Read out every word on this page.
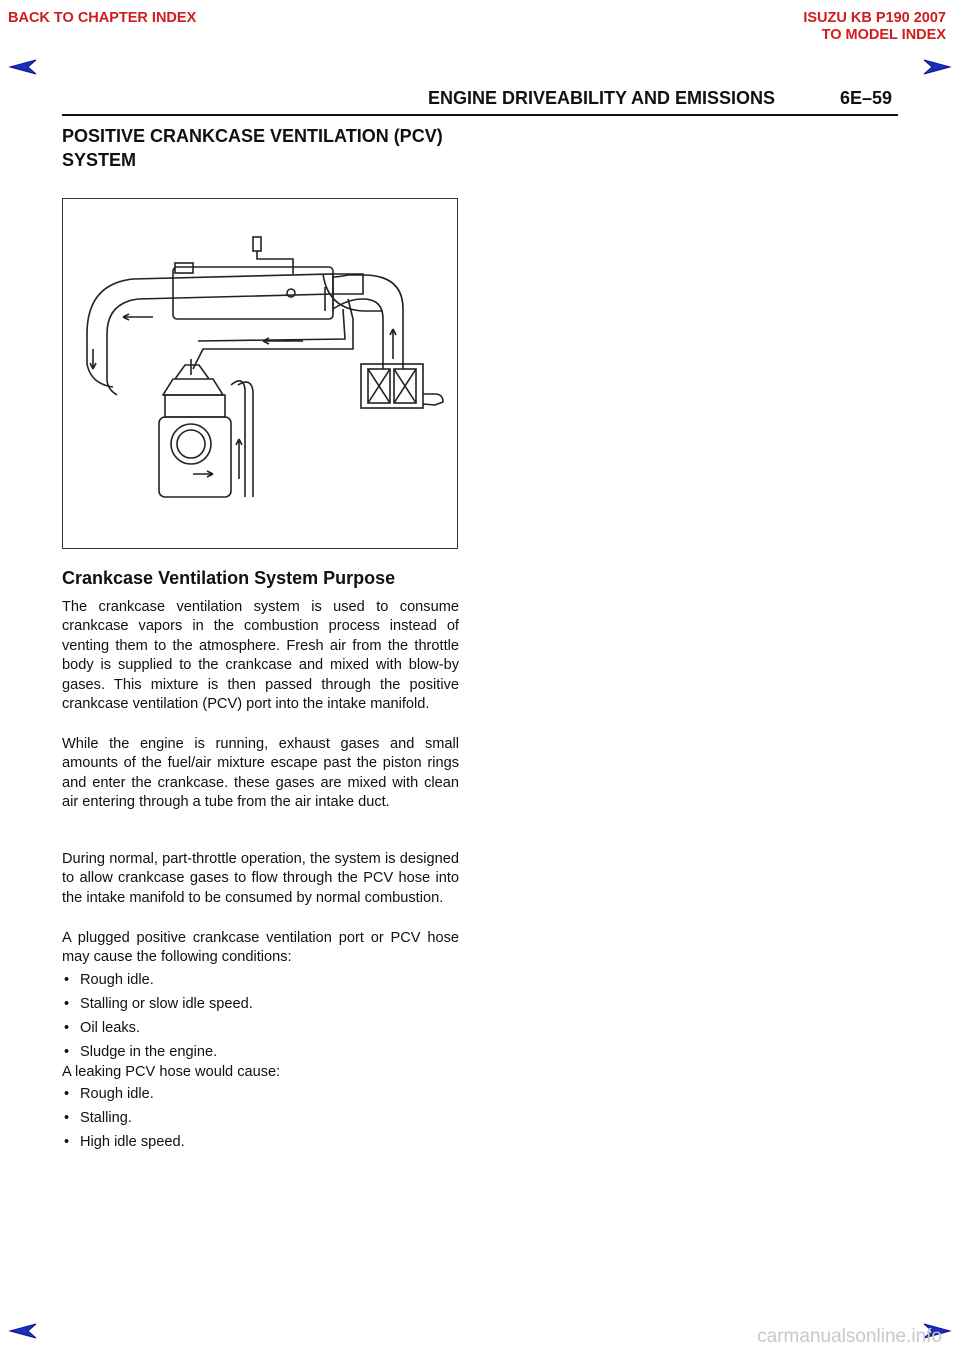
BACK TO CHAPTER INDEX	ISUZU KB P190 2007
TO MODEL INDEX
ENGINE DRIVEABILITY AND EMISSIONS	6E–59
POSITIVE CRANKCASE VENTILATION (PCV) SYSTEM
Crankcase Ventilation System Purpose
The crankcase ventilation system is used to consume crankcase vapors in the combustion process instead of venting them to the atmosphere. Fresh air from the throttle body is supplied to the crankcase and mixed with blow-by gases. This mixture is then passed through the positive crankcase ventilation (PCV) port into the intake manifold.
While the engine is running, exhaust gases and small amounts of the fuel/air mixture escape past the piston rings and enter the crankcase. these gases are mixed with clean air entering through a tube from the air intake duct.
During normal, part-throttle operation, the system is designed to allow crankcase gases to flow through the PCV hose into the intake manifold to be consumed by normal combustion.
A plugged positive crankcase ventilation port or PCV hose may cause the following conditions:
• Rough idle.
• Stalling or slow idle speed.
• Oil leaks.
• Sludge in the engine.
A leaking PCV hose would cause:
• Rough idle.
• Stalling.
• High idle speed.
carmanualsonline.info
